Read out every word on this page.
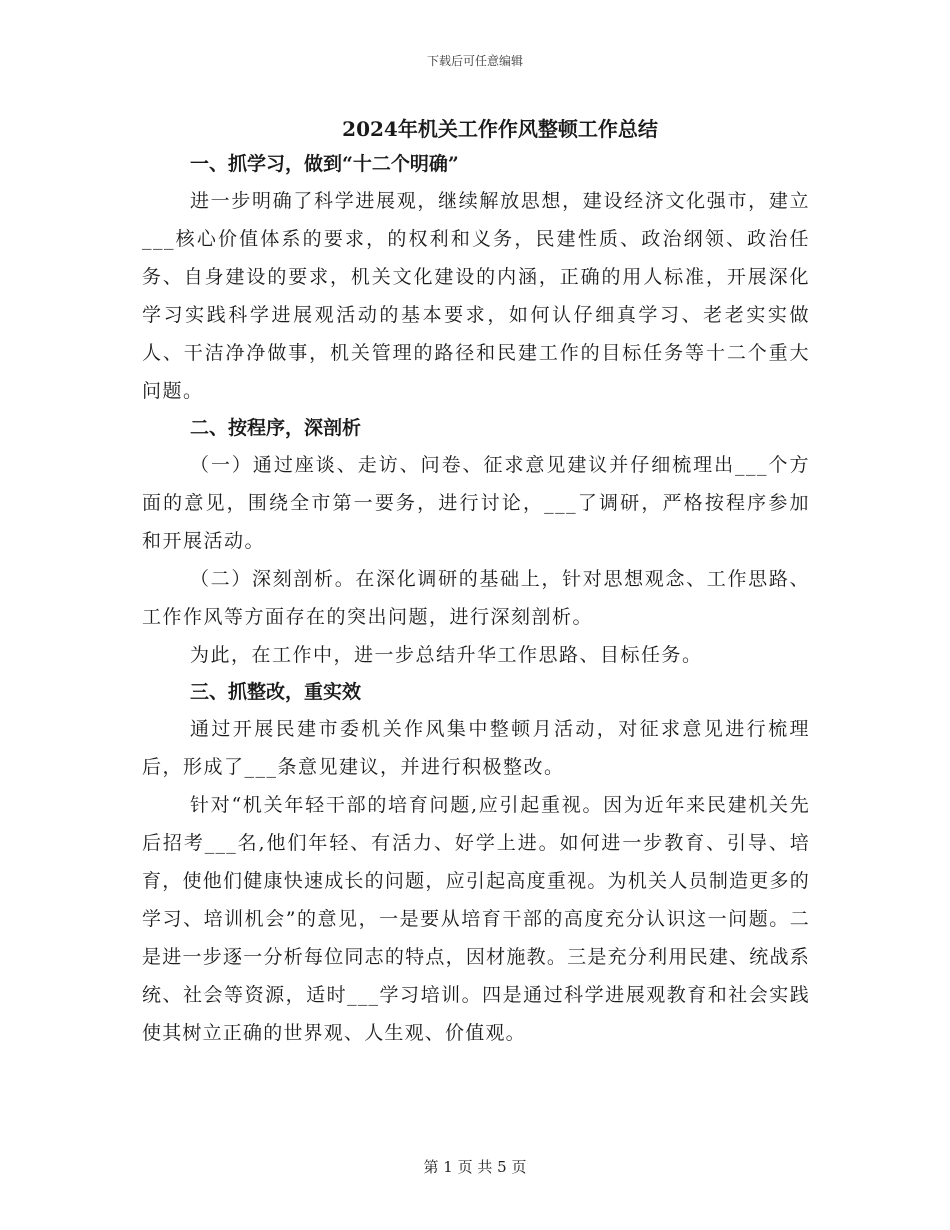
下载后可任意编辑
2024年机关工作作风整顿工作总结
一、抓学习，做到“十二个明确”

进一步明确了科学进展观，继续解放思想，建设经济文化强市，建立___核心价值体系的要求，的权利和义务，民建性质、政治纲领、政治任务、自身建设的要求，机关文化建设的内涵，正确的用人标准，开展深化学习实践科学进展观活动的基本要求，如何认仔细真学习、老老实实做人、干洁净净做事，机关管理的路径和民建工作的目标任务等十二个重大问题。

二、按程序，深剖析

（一）通过座谈、走访、问卷、征求意见建议并仔细梳理出___个方面的意见，围绕全市第一要务，进行讨论，___了调研，严格按程序参加和开展活动。

（二）深刻剖析。在深化调研的基础上，针对思想观念、工作思路、工作作风等方面存在的突出问题，进行深刻剖析。

为此，在工作中，进一步总结升华工作思路、目标任务。

三、抓整改，重实效

通过开展民建市委机关作风集中整顿月活动，对征求意见进行梳理后，形成了___条意见建议，并进行积极整改。

针对“机关年轻干部的培育问题,应引起重视。因为近年来民建机关先后招考___名,他们年轻、有活力、好学上进。如何进一步教育、引导、培育，使他们健康快速成长的问题，应引起高度重视。为机关人员制造更多的学习、培训机会”的意见，一是要从培育干部的高度充分认识这一问题。二是进一步逐一分析每位同志的特点，因材施教。三是充分利用民建、统战系统、社会等资源，适时___学习培训。四是通过科学进展观教育和社会实践使其树立正确的世界观、人生观、价值观。

第 1 页 共 5 页
